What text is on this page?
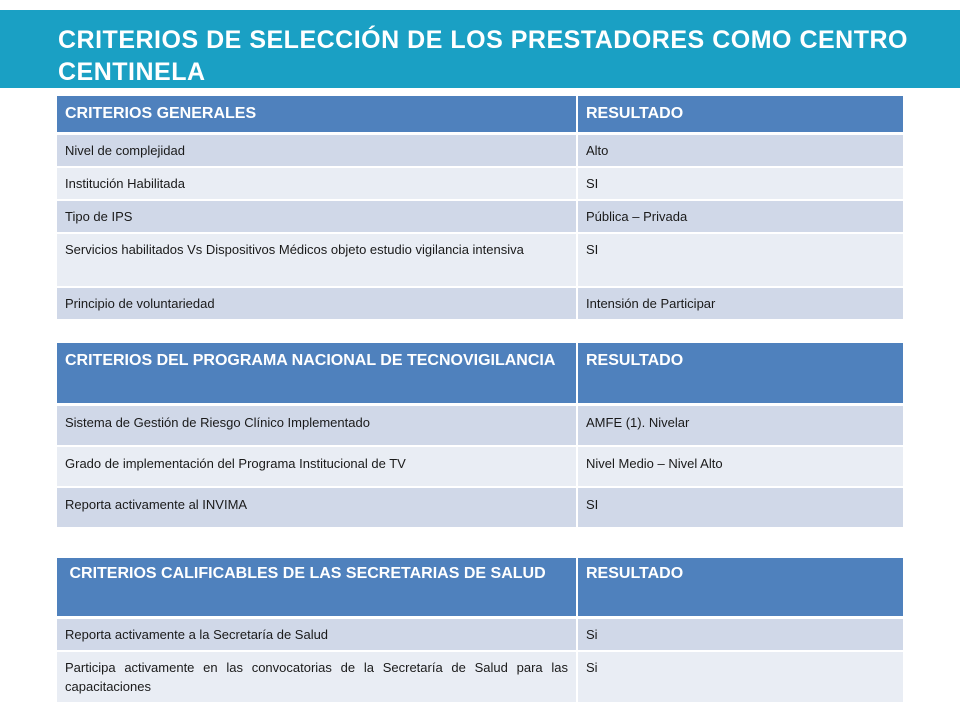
CRITERIOS DE SELECCIÓN DE LOS PRESTADORES COMO CENTRO CENTINELA
CRITERIOS GENERALES	RESULTADO
Nivel de complejidad	Alto
Institución Habilitada	SI
Tipo de IPS	Pública – Privada
Servicios habilitados Vs Dispositivos Médicos objeto estudio vigilancia intensiva	SI
Principio de voluntariedad	Intensión de Participar
CRITERIOS DEL PROGRAMA NACIONAL DE TECNOVIGILANCIA	RESULTADO
Sistema de Gestión de Riesgo Clínico Implementado	AMFE (1). Nivelar
Grado de implementación del Programa Institucional de TV	Nivel Medio – Nivel Alto
Reporta activamente al INVIMA	SI
CRITERIOS CALIFICABLES DE LAS SECRETARIAS DE SALUD	RESULTADO
Reporta activamente a la Secretaría de Salud	Si
Participa activamente en las convocatorias de la Secretaría de Salud para las capacitaciones	Si
